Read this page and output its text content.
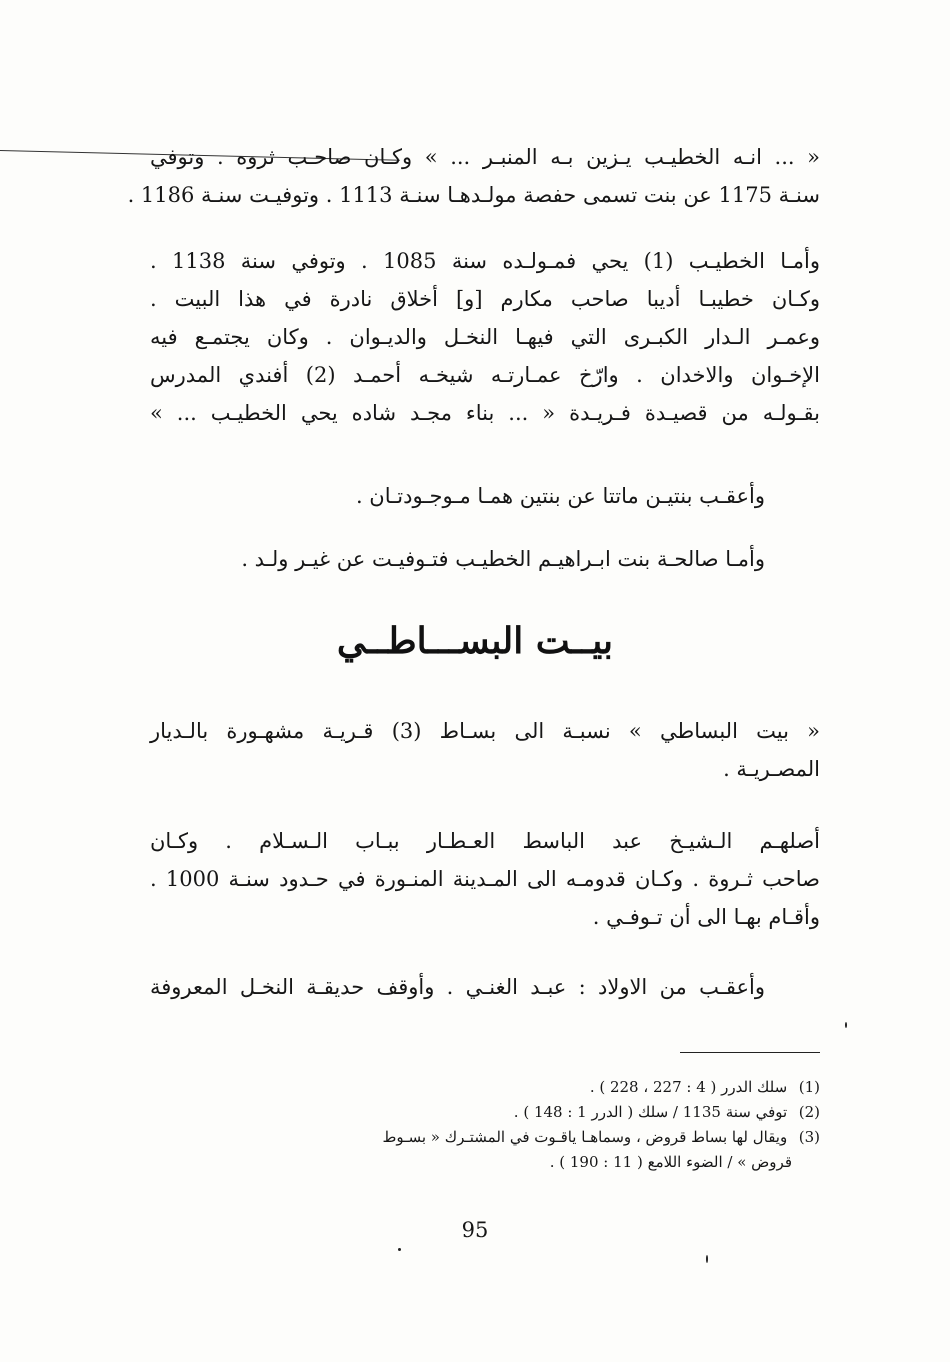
« ... انـه الخطيـب يـزين بـه المنبـر ... » وكـان صاحـب ثروه . وتوفي
سنـة 1175 عن بنت تسمى حفصة مولـدهـا سنـة 1113 . وتوفيـت سنـة 1186 .
وأمـا الخطيـب (1) يحي فمـولـده سنة 1085 . وتوفي سنة 1138 .
وكـان خطيبـا أديبا صاحب مكارم [و] أخلاق نادرة في هذا البيت .
وعمـر الـدار الكبـرى التي فيهـا النخـل والديـوان . وكان يجتمـع فيه
الإخـوان والاخدان . وارّخ عمـارتـه شيخـه أحمـد (2) أفندي المدرس
بقـولـه من قصيـدة فـريـدة « ... بناء مجـد شاده يحي الخطيـب ... »
وأعقـب بنتيـن ماتتا عن بنتين همـا مـوجـودتـان .
وأمـا صالحـة بنت ابـراهيـم الخطيـب فتـوفيـت عن غيـر ولـد .
بيــت البســـاطــي
« بيت البساطي » نسبـة الى بسـاط (3) قـريـة مشهـورة بالـديار
المصـريـة .
أصلهـم الـشيـخ عبد الباسط العـطـار ببـاب الـسـلام . وكـان
صاحب ثـروة . وكـان قدومـه الى المـدينة المنـورة في حـدود سنـة 1000 .
وأقـام بهـا الى أن تـوفـي .
وأعقـب من الاولاد : عبـد الغنـي . وأوقف حديقـة النخـل المعروفة
(1) سلك الدرر ( 4 : 227 ، 228 ) .
(2) توفي سنة 1135 / سلك ( الدرر 1 : 148 ) .
(3) ويقال لها بساط قروض ، وسماهـا ياقـوت في المشتـرك « بسـوط
قروض » / الضوء اللامع ( 11 : 190 ) .
95
